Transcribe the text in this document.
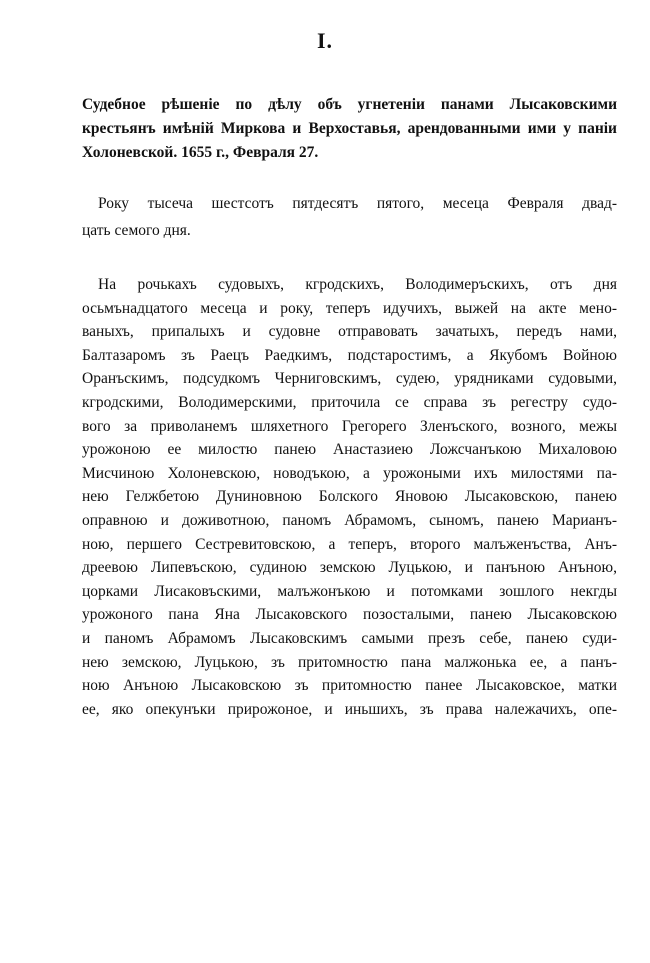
I.
Судебное рѣшеніе по дѣлу объ угнетеніи панами Лысаковскими
крестьянъ имѣній Миркова и Верхоставья, арендованными ими у паніи
Холоневской. 1655 г., Февраля 27.
Року тысеча шестсотъ пятдесятъ пятого, месеца Февраля двад-
цать семого дня.
На рочькахъ судовыхъ, кгродскихъ, Володимеръскихъ, отъ дня
осьмънадцатого месеца и року, теперъ идучихъ, выжей на акте мено-
ваныхъ, припалыхъ и судовне отправовать зачатыхъ, передъ нами,
Балтазаромъ зъ Раецъ Раедкимъ, подстаростимъ, а Якубомъ Войною
Оранъскимъ, подсудкомъ Черниговскимъ, судею, урядниками судовыми,
кгродскими, Володимерскими, приточила се справа зъ регестру судо-
вого за приволанемъ шляхетного Грегорего Зленъского, возного, межы
урожоною ее милостю панею Анастазиею Ложсчанъкою Михаловою
Мисчиною Холоневскою, новодъкою, а урожоными ихъ милостями па-
нею Гелжбетою Дуниновною Болского Яновою Лысаковскою, панею
оправною и доживотною, паномъ Абрамомъ, сыномъ, панею Марианъ-
ною, першего Сестревитовскою, а теперъ, второго малъженъства, Анъ-
дреевою Липевъскою, судиною земскою Луцькою, и панъною Анъною,
цорками Лисаковъскими, малъжонъкою и потомками зошлого некгды
урожоного пана Яна Лысаковского позосталыми, панею Лысаковскою
и паномъ Абрамомъ Лысаковскимъ самыми презъ себе, панею суди-
нею земскою, Луцькою, зъ притомностю пана малжонька ее, а панъ-
ною Анъною Лысаковскою зъ притомностю панее Лысаковское, матки
ее, яко опекунъки прирожоное, и иньшихъ, зъ права належачихъ, опе-
